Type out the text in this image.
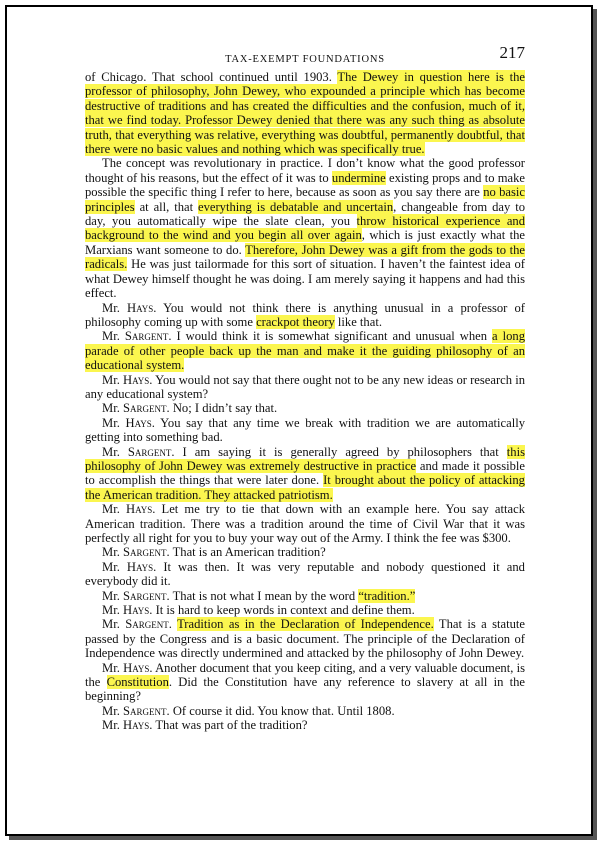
TAX-EXEMPT FOUNDATIONS	217

of Chicago. That school continued until 1903. The Dewey in question here is the professor of philosophy, John Dewey, who expounded a principle which has become destructive of traditions and has created the difficulties and the confusion, much of it, that we find today. Professor Dewey denied that there was any such thing as absolute truth, that everything was relative, everything was doubtful, permanently doubtful, that there were no basic values and nothing which was specifically true.

The concept was revolutionary in practice. I don’t know what the good professor thought of his reasons, but the effect of it was to undermine existing props and to make possible the specific thing I refer to here, because as soon as you say there are no basic principles at all, that everything is debatable and uncertain, changeable from day to day, you automatically wipe the slate clean, you throw historical experience and background to the wind and you begin all over again, which is just exactly what the Marxians want someone to do. Therefore, John Dewey was a gift from the gods to the radicals. He was just tailormade for this sort of situation. I haven’t the faintest idea of what Dewey himself thought he was doing. I am merely saying it happens and had this effect.

Mr. Hays. You would not think there is anything unusual in a professor of philosophy coming up with some crackpot theory like that.

Mr. Sargent. I would think it is somewhat significant and unusual when a long parade of other people back up the man and make it the guiding philosophy of an educational system.

Mr. Hays. You would not say that there ought not to be any new ideas or research in any educational system?

Mr. Sargent. No; I didn’t say that.

Mr. Hays. You say that any time we break with tradition we are automatically getting into something bad.

Mr. Sargent. I am saying it is generally agreed by philosophers that this philosophy of John Dewey was extremely destructive in practice and made it possible to accomplish the things that were later done. It brought about the policy of attacking the American tradition. They attacked patriotism.

Mr. Hays. Let me try to tie that down with an example here. You say attack American tradition. There was a tradition around the time of Civil War that it was perfectly all right for you to buy your way out of the Army. I think the fee was $300.

Mr. Sargent. That is an American tradition?

Mr. Hays. It was then. It was very reputable and nobody questioned it and everybody did it.

Mr. Sargent. That is not what I mean by the word “tradition.”

Mr. Hays. It is hard to keep words in context and define them.

Mr. Sargent. Tradition as in the Declaration of Independence. That is a statute passed by the Congress and is a basic document. The principle of the Declaration of Independence was directly undermined and attacked by the philosophy of John Dewey.

Mr. Hays. Another document that you keep citing, and a very valuable document, is the Constitution. Did the Constitution have any reference to slavery at all in the beginning?

Mr. Sargent. Of course it did. You know that. Until 1808.

Mr. Hays. That was part of the tradition?
